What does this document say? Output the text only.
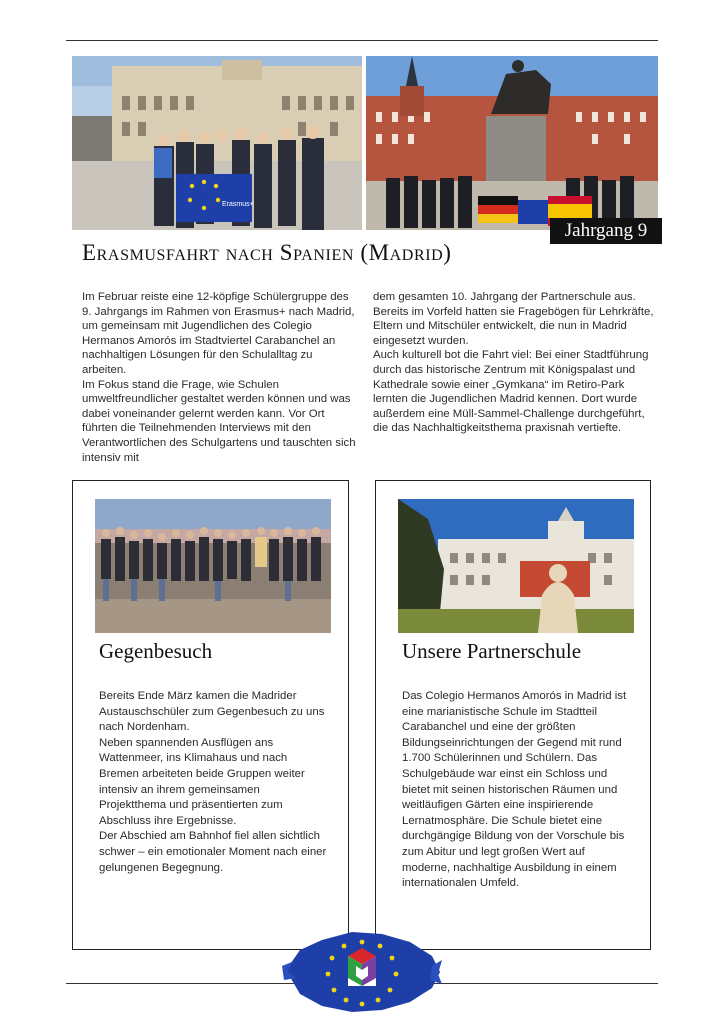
Erasmus+
Jahrgang 9
Erasmusfahrt nach Spanien (Madrid)

Im Februar reiste eine 12-köpfige Schülergruppe des 9. Jahrgangs im Rahmen von Erasmus+ nach Madrid, um gemeinsam mit Jugendlichen des Colegio Hermanos Amorós im Stadtviertel Carabanchel an nachhaltigen Lösungen für den Schulalltag zu arbeiten.

Im Fokus stand die Frage, wie Schulen umweltfreundlicher gestaltet werden können und was dabei voneinander gelernt werden kann. Vor Ort führten die Teilnehmenden Interviews mit den Verantwortlichen des Schulgartens und tauschten sich intensiv mit

dem gesamten 10. Jahrgang der Partnerschule aus. Bereits im Vorfeld hatten sie Fragebögen für Lehrkräfte, Eltern und Mitschüler entwickelt, die nun in Madrid eingesetzt wurden.

Auch kulturell bot die Fahrt viel: Bei einer Stadtführung durch das historische Zentrum mit Königspalast und Kathedrale sowie einer „Gymkana“ im Retiro-Park lernten die Jugendlichen Madrid kennen. Dort wurde außerdem eine Müll-Sammel-Challenge durchgeführt, die das Nachhaltigkeitsthema praxisnah vertiefte.

Gegenbesuch

Bereits Ende März kamen die Madrider Austauschschüler zum Gegenbesuch zu uns nach Nordenham.

Neben spannenden Ausflügen ans Wattenmeer, ins Klimahaus und nach Bremen arbeiteten beide Gruppen weiter intensiv an ihrem gemeinsamen Projektthema und präsentierten zum Abschluss ihre Ergebnisse.

Der Abschied am Bahnhof fiel allen sichtlich schwer – ein emotionaler Moment nach einer gelungenen Begegnung.

Unsere Partnerschule

Das Colegio Hermanos Amorós in Madrid ist eine marianistische Schule im Stadtteil Carabanchel und eine der größten Bildungseinrichtungen der Gegend mit rund 1.700 Schülerinnen und Schülern. Das Schulgebäude war einst ein Schloss und bietet mit seinen historischen Räumen und weitläufigen Gärten eine inspirierende Lernatmosphäre. Die Schule bietet eine durchgängige Bildung von der Vorschule bis zum Abitur und legt großen Wert auf moderne, nachhaltige Ausbildung in einem internationalen Umfeld.
